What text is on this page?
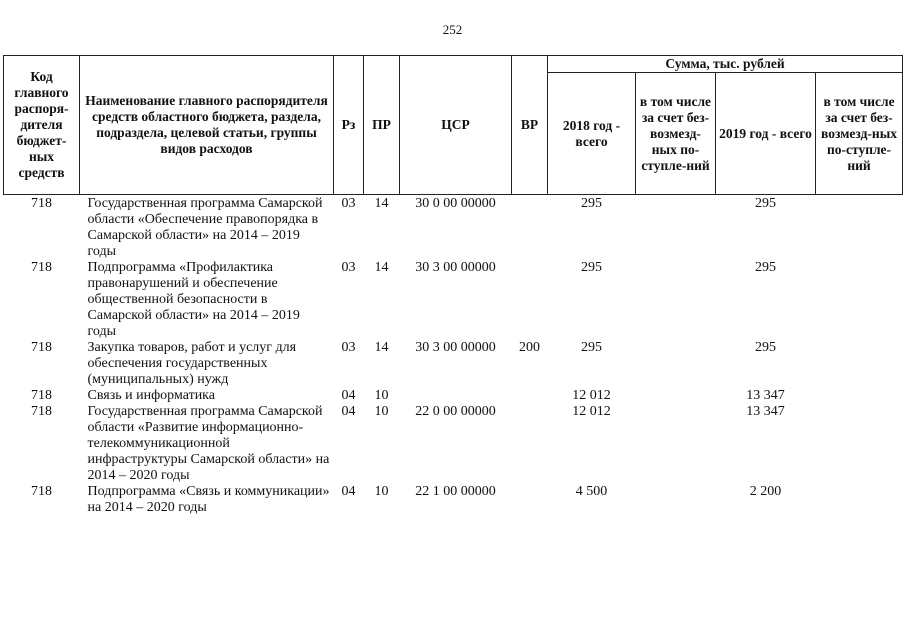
252
Код главного распоря-дителя бюджет-ных средств	Наименование главного распорядителя средств областного бюджета, раздела, подраздела, целевой статьи, группы видов расходов	Рз	ПР	ЦСР	ВР	Сумма, тыс. рублей			
						2018 год - всего	в том числе за счет без-возмезд-ных по-ступле-ний	2019 год - всего	в том числе за счет без-возмезд-ных по-ступле-ний
718	Государственная программа Самарской области «Обеспечение правопорядка в Самарской области» на 2014 – 2019 годы	03	14	30 0 00 00000		295		295	
718	Подпрограмма «Профилактика правонарушений и обеспечение общественной безопасности в Самарской области» на 2014 – 2019 годы	03	14	30 3 00 00000		295		295	
718	Закупка товаров, работ и услуг для обеспечения государственных (муниципальных) нужд	03	14	30 3 00 00000	200	295		295	
718	Связь и информатика	04	10			12 012		13 347	
718	Государственная программа Самарской области «Развитие информационно-телекоммуникационной инфраструктуры Самарской области» на 2014 – 2020 годы	04	10	22 0 00 00000		12 012		13 347	
718	Подпрограмма «Связь и коммуникации» на 2014 – 2020 годы	04	10	22 1 00 00000		4 500		2 200	
